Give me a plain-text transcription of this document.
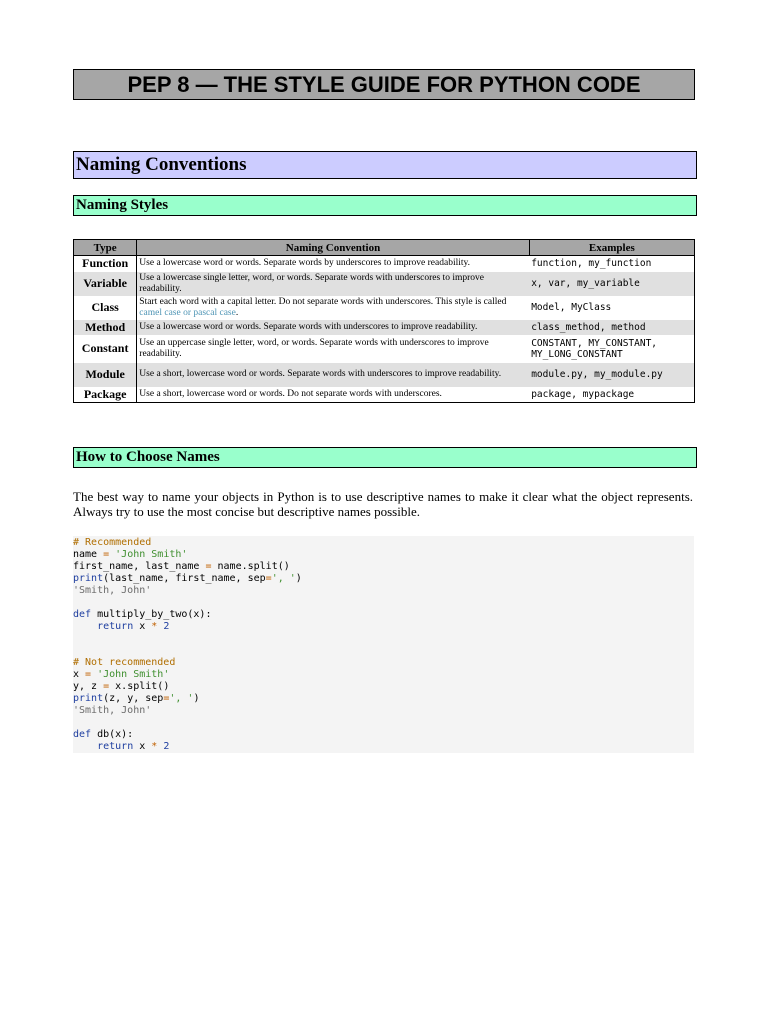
PEP 8 — THE STYLE GUIDE FOR PYTHON CODE
Naming Conventions
Naming Styles
Type	Naming Convention	Examples
Function	Use a lowercase word or words. Separate words by underscores to improve readability.	function, my_function
Variable	Use a lowercase single letter, word, or words. Separate words with underscores to improve readability.	x, var, my_variable
Class	Start each word with a capital letter. Do not separate words with underscores. This style is called camel case or pascal case.	Model, MyClass
Method	Use a lowercase word or words. Separate words with underscores to improve readability.	class_method, method
Constant	Use an uppercase single letter, word, or words. Separate words with underscores to improve readability.	CONSTANT, MY_CONSTANT, MY_LONG_CONSTANT
Module	Use a short, lowercase word or words. Separate words with underscores to improve readability.	module.py, my_module.py
Package	Use a short, lowercase word or words. Do not separate words with underscores.	package, mypackage
How to Choose Names
The best way to name your objects in Python is to use descriptive names to make it clear what the object represents. Always try to use the most concise but descriptive names possible.
# Recommended
name = 'John Smith'
first_name, last_name = name.split()
print(last_name, first_name, sep=', ')
'Smith, John'
def multiply_by_two(x):
return x * 2
# Not recommended
x = 'John Smith'
y, z = x.split()
print(z, y, sep=', ')
'Smith, John'
def db(x):
return x * 2
